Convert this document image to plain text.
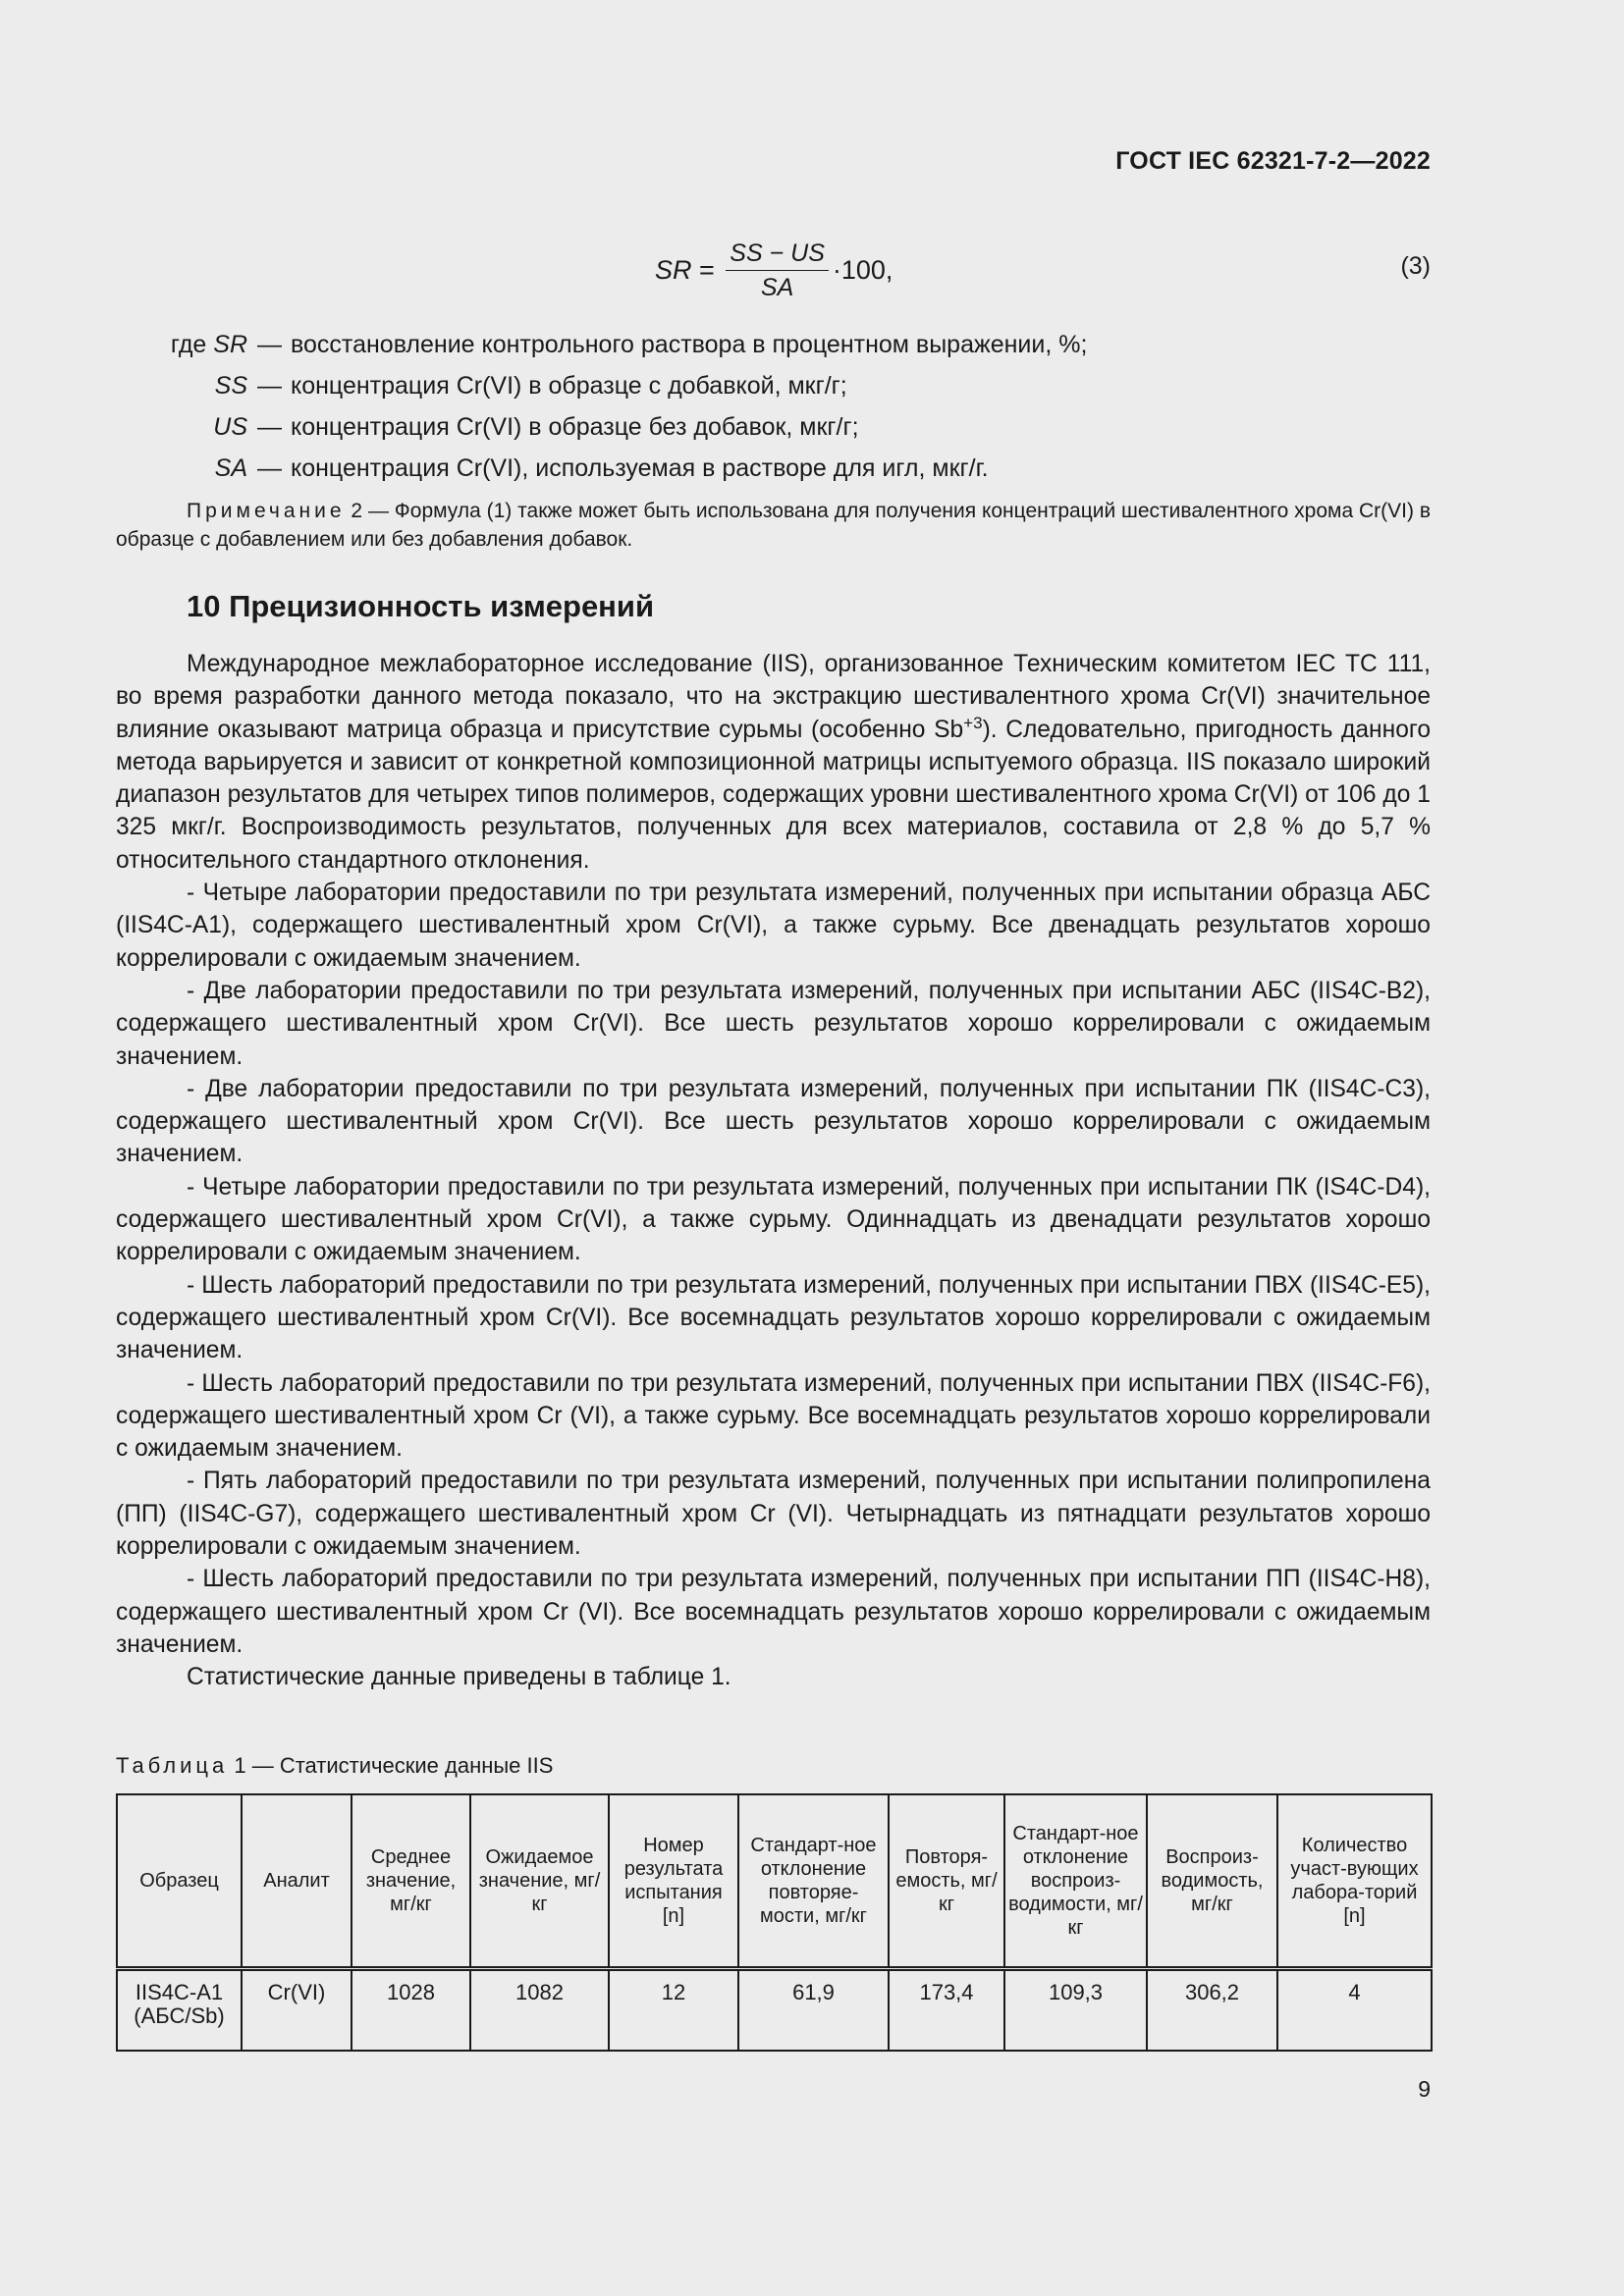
ГОСТ IEC 62321-7-2—2022
SR = $\frac{SS - US}{SA} \cdot 100$,	(3)
где SR — восстановление контрольного раствора в процентном выражении, %;
SS — концентрация Cr(VI) в образце с добавкой, мкг/г;
US — концентрация Cr(VI) в образце без добавок, мкг/г;
SA — концентрация Cr(VI), используемая в растворе для игл, мкг/г.
Примечание 2 — Формула (1) также может быть использована для получения концентраций шестивалентного хрома Cr(VI) в образце с добавлением или без добавления добавок.
10 Прецизионность измерений

Международное межлабораторное исследование (IIS), организованное Техническим комитетом IEC TC 111, во время разработки данного метода показало, что на экстракцию шестивалентного хрома Cr(VI) значительное влияние оказывают матрица образца и присутствие сурьмы (особенно $Sb^{+3}$). Следовательно, пригодность данного метода варьируется и зависит от конкретной композиционной матрицы испытуемого образца. IIS показало широкий диапазон результатов для четырех типов полимеров, содержащих уровни шестивалентного хрома Cr(VI) от 106 до 1 325 мкг/г. Воспроизводимость результатов, полученных для всех материалов, составила от 2,8 % до 5,7 % относительного стандартного отклонения.

- Четыре лаборатории предоставили по три результата измерений, полученных при испытании образца АБС (IIS4C-A1), содержащего шестивалентный хром Cr(VI), а также сурьму. Все двенадцать результатов хорошо коррелировали с ожидаемым значением.

- Две лаборатории предоставили по три результата измерений, полученных при испытании АБС (IIS4C-B2), содержащего шестивалентный хром Cr(VI). Все шесть результатов хорошо коррелировали с ожидаемым значением.

- Две лаборатории предоставили по три результата измерений, полученных при испытании ПК (IIS4C-C3), содержащего шестивалентный хром Cr(VI). Все шесть результатов хорошо коррелировали с ожидаемым значением.

- Четыре лаборатории предоставили по три результата измерений, полученных при испытании ПК (IS4C-D4), содержащего шестивалентный хром Cr(VI), а также сурьму. Одиннадцать из двенадцати результатов хорошо коррелировали с ожидаемым значением.

- Шесть лабораторий предоставили по три результата измерений, полученных при испытании ПВХ (IIS4C-E5), содержащего шестивалентный хром Cr(VI). Все восемнадцать результатов хорошо коррелировали с ожидаемым значением.

- Шесть лабораторий предоставили по три результата измерений, полученных при испытании ПВХ (IIS4C-F6), содержащего шестивалентный хром Cr (VI), а также сурьму. Все восемнадцать результатов хорошо коррелировали с ожидаемым значением.

- Пять лабораторий предоставили по три результата измерений, полученных при испытании полипропилена (ПП) (IIS4C-G7), содержащего шестивалентный хром Cr (VI). Четырнадцать из пятнадцати результатов хорошо коррелировали с ожидаемым значением.

- Шесть лабораторий предоставили по три результата измерений, полученных при испытании ПП (IIS4C-H8), содержащего шестивалентный хром Cr (VI). Все восемнадцать результатов хорошо коррелировали с ожидаемым значением.

Статистические данные приведены в таблице 1.

Таблица 1 — Статистические данные IIS
Образец	Аналит	Среднее значение, мг/кг	Ожидаемое значение, мг/кг	Номер результата испытания [n]	Стандарт-ное отклонение повторяе-мости, мг/кг	Повторя-емость, мг/кг	Стандарт-ное отклонение воспроиз-водимости, мг/кг	Воспроиз-водимость, мг/кг	Количество участ-вующих лабора-торий [n]
IIS4C-A1 (АБС/Sb)	Cr(VI)	1028	1082	12	61,9	173,4	109,3	306,2	4
9
